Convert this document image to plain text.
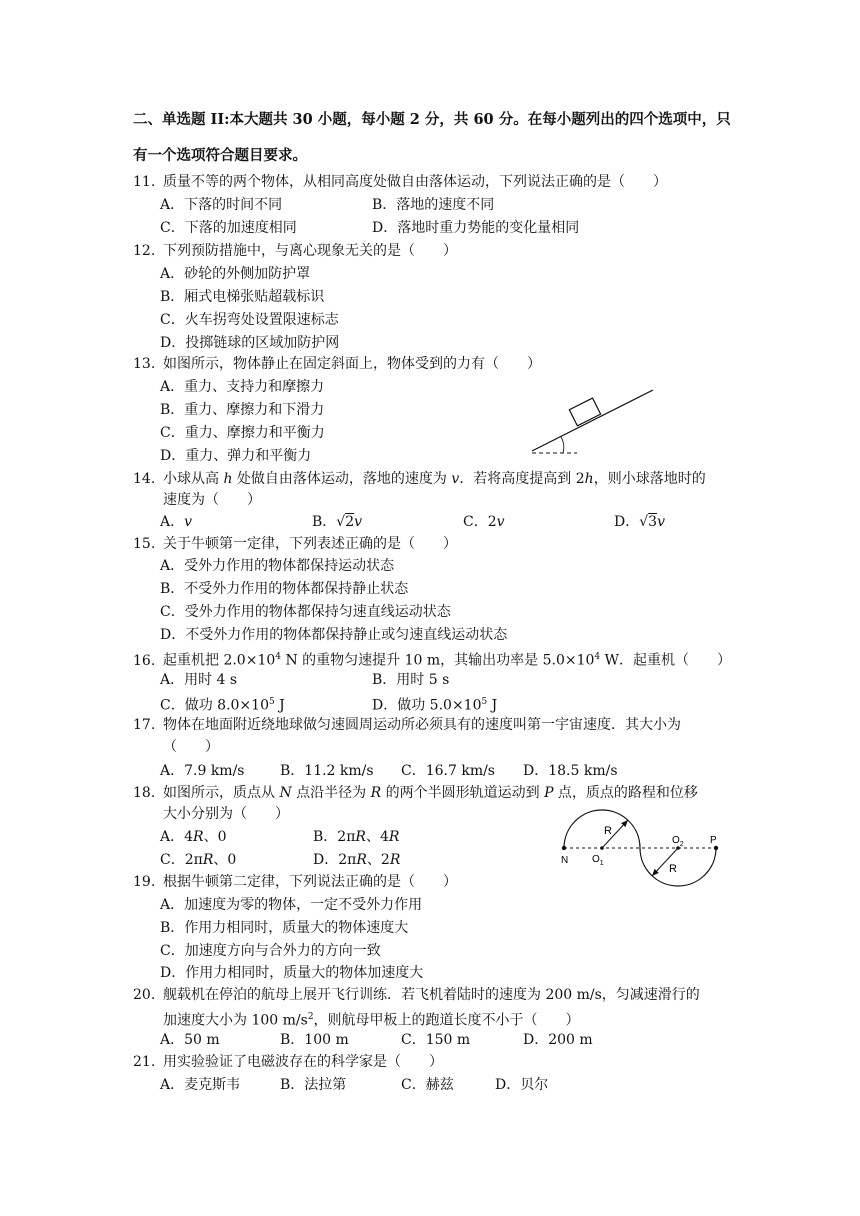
二、单选题 II:本大题共 30 小题，每小题 2 分，共 60 分。在每小题列出的四个选项中，只
有一个选项符合题目要求。
11. 质量不等的两个物体，从相同高度处做自由落体运动，下列说法正确的是（　　）
A．下落的时间不同	B．落地的速度不同
C．下落的加速度相同	D．落地时重力势能的变化量相同
12. 下列预防措施中，与离心现象无关的是（　　）
A．砂轮的外侧加防护罩
B．厢式电梯张贴超载标识
C．火车拐弯处设置限速标志
D．投掷链球的区域加防护网
13. 如图所示，物体静止在固定斜面上，物体受到的力有（　　）
A．重力、支持力和摩擦力
B．重力、摩擦力和下滑力
C．重力、摩擦力和平衡力
D．重力、弹力和平衡力
14. 小球从高 h 处做自由落体运动，落地的速度为 v．若将高度提高到 2h，则小球落地时的
速度为（　　）
A．v	B．√2v	C．2v	D．√3v
15. 关于牛顿第一定律，下列表述正确的是（　　）
A．受外力作用的物体都保持运动状态
B．不受外力作用的物体都保持静止状态
C．受外力作用的物体都保持匀速直线运动状态
D．不受外力作用的物体都保持静止或匀速直线运动状态
16. 起重机把 $2.0\times 10^4$ N 的重物匀速提升 10 m，其输出功率是 $5.0\times 10^4$ W．起重机（　　）
A．用时 4 s	B．用时 5 s
C．做功 $8.0\times 10^5$ J	D．做功 $5.0\times 10^5$ J
17. 物体在地面附近绕地球做匀速圆周运动所必须具有的速度叫第一宇宙速度．其大小为
（　　）
A．7.9 km/s	B．11.2 km/s C．16.7 km/s D．18.5 km/s
18. 如图所示，质点从 N 点沿半径为 R 的两个半圆形轨道运动到 P 点，质点的路程和位移
大小分别为（　　）
A．4R、0	B．2πR、4R
C．2πR、0	D．2πR、2R
R
R
N $O_1$
$O_2$	P
19. 根据牛顿第二定律，下列说法正确的是（　　）
A．加速度为零的物体，一定不受外力作用
B．作用力相同时，质量大的物体速度大
C．加速度方向与合外力的方向一致
D．作用力相同时，质量大的物体加速度大
20. 舰载机在停泊的航母上展开飞行训练．若飞机着陆时的速度为 200 m/s，匀减速滑行的
加速度大小为 100 $m/s^2$，则航母甲板上的跑道长度不小于（　　）
A．50 m	B．100 m	C．150 m	D．200 m
21. 用实验验证了电磁波存在的科学家是（　　）
A．麦克斯韦	B．法拉第	C．赫兹	D．贝尔
